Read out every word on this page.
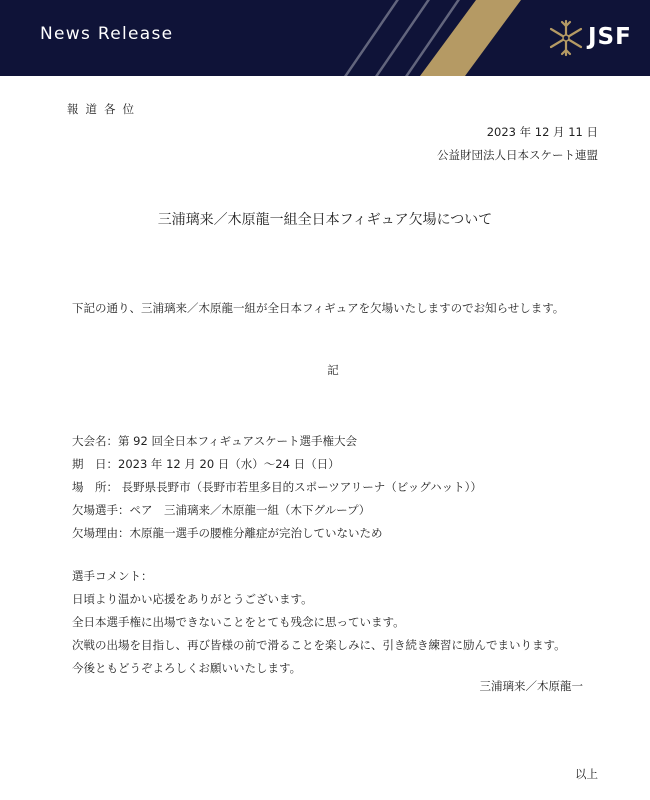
News Release	JSF
報道各位
2023 年 12 月 11 日
公益財団法人日本スケート連盟
三浦璃来／木原龍一組全日本フィギュア欠場について
下記の通り、三浦璃来／木原龍一組が全日本フィギュアを欠場いたしますのでお知らせします。
記
大会名：第 92 回全日本フィギュアスケート選手権大会
期　日：2023 年 12 月 20 日（水）～24 日（日）
場　所： 長野県長野市（長野市若里多目的スポーツアリーナ（ビッグハット））
欠場選手：ペア　三浦璃来／木原龍一組（木下グループ）
欠場理由：木原龍一選手の腰椎分離症が完治していないため
選手コメント：
日頃より温かい応援をありがとうございます。
全日本選手権に出場できないことをとても残念に思っています。
次戦の出場を目指し、再び皆様の前で滑ることを楽しみに、引き続き練習に励んでまいります。
今後ともどうぞよろしくお願いいたします。
三浦璃来／木原龍一
以上
